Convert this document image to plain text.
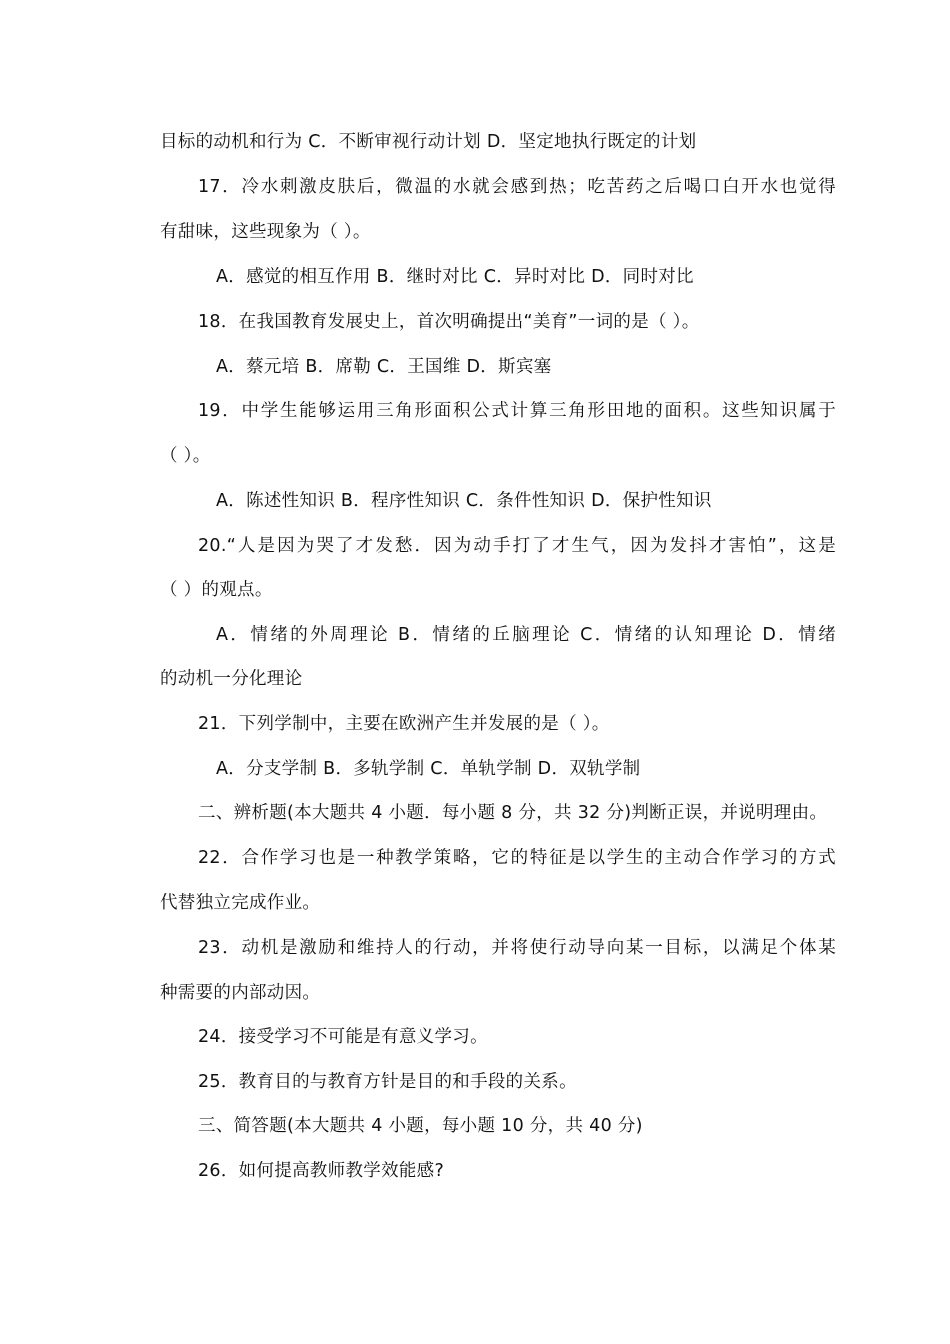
目标的动机和行为 C．不断审视行动计划 D．坚定地执行既定的计划
17．冷水刺激皮肤后，微温的水就会感到热；吃苦药之后喝口白开水也觉得
有甜味，这些现象为（ ）。
A．感觉的相互作用 B．继时对比 C．异时对比 D．同时对比
18．在我国教育发展史上，首次明确提出“美育”一词的是（ ）。
A．蔡元培 B．席勒 C．王国维 D．斯宾塞
19．中学生能够运用三角形面积公式计算三角形田地的面积。这些知识属于
（ ）。
A．陈述性知识 B．程序性知识 C．条件性知识 D．保护性知识
20.“人是因为哭了才发愁．因为动手打了才生气，因为发抖才害怕”，这是
（ ）的观点。
A．情绪的外周理论 B．情绪的丘脑理论 C．情绪的认知理论 D．情绪
的动机一分化理论
21．下列学制中，主要在欧洲产生并发展的是（ ）。
A．分支学制 B．多轨学制 C．单轨学制 D．双轨学制
二、辨析题(本大题共 4 小题．每小题 8 分，共 32 分)判断正误，并说明理由。
22．合作学习也是一种教学策略，它的特征是以学生的主动合作学习的方式
代替独立完成作业。
23．动机是激励和维持人的行动，并将使行动导向某一目标，以满足个体某
种需要的内部动因。
24．接受学习不可能是有意义学习。
25．教育目的与教育方针是目的和手段的关系。
三、简答题(本大题共 4 小题，每小题 10 分，共 40 分)
26．如何提高教师教学效能感?
